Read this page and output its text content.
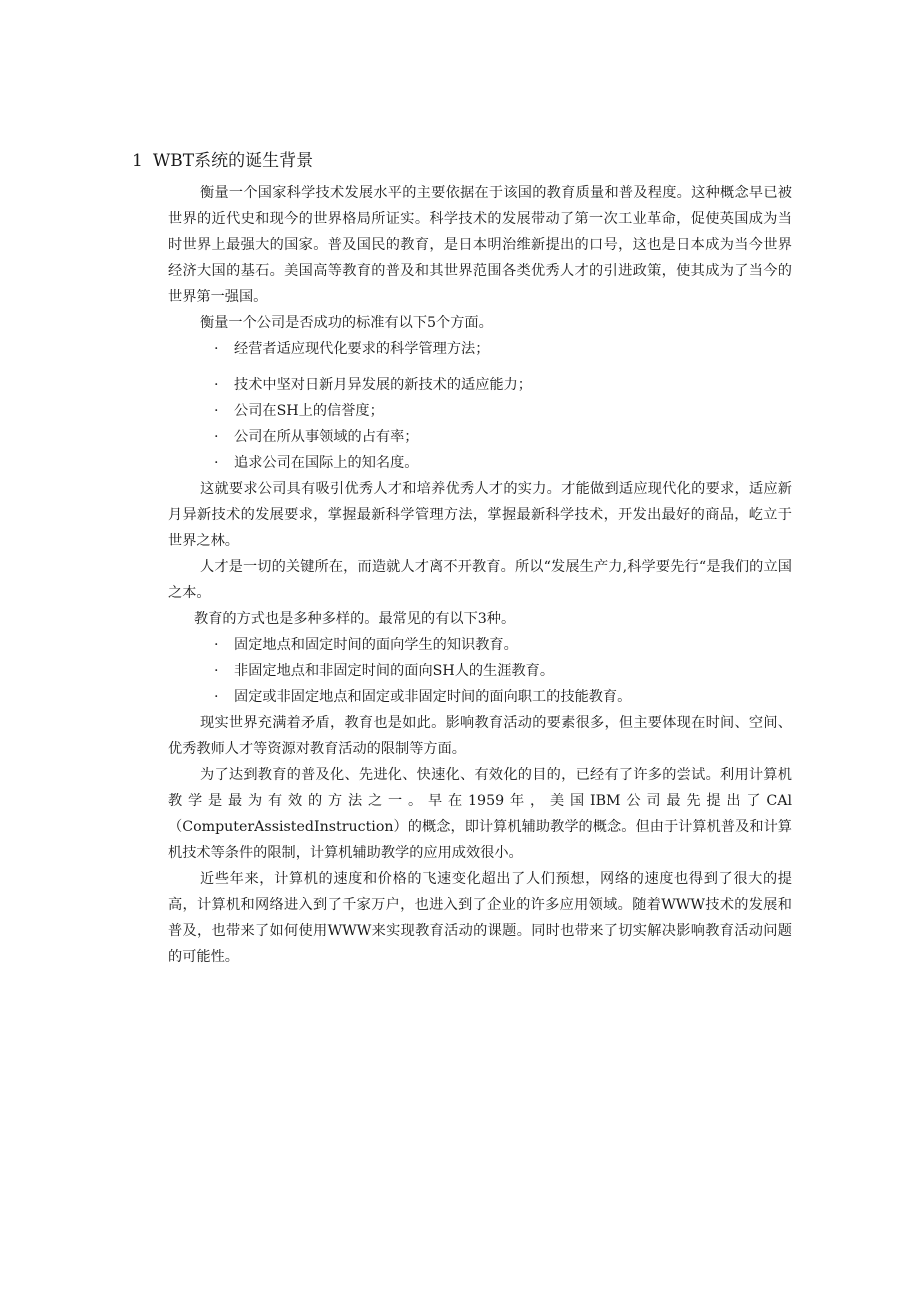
1 WBT系统的诞生背景

衡量一个国家科学技术发展水平的主要依据在于该国的教育质量和普及程度。这种概念早已被世界的近代史和现今的世界格局所证实。科学技术的发展带动了第一次工业革命，促使英国成为当时世界上最强大的国家。普及国民的教育，是日本明治维新提出的口号，这也是日本成为当今世界经济大国的基石。美国高等教育的普及和其世界范围各类优秀人才的引进政策，使其成为了当今的世界第一强国。

衡量一个公司是否成功的标准有以下5个方面。

· 经营者适应现代化要求的科学管理方法；
· 技术中坚对日新月异发展的新技术的适应能力；
· 公司在SH上的信誉度；
· 公司在所从事领域的占有率；
· 追求公司在国际上的知名度。

这就要求公司具有吸引优秀人才和培养优秀人才的实力。才能做到适应现代化的要求，适应新月异新技术的发展要求，掌握最新科学管理方法，掌握最新科学技术，开发出最好的商品，屹立于世界之林。

人才是一切的关键所在，而造就人才离不开教育。所以“发展生产力,科学要先行“是我们的立国之本。

教育的方式也是多种多样的。最常见的有以下3种。

· 固定地点和固定时间的面向学生的知识教育。
· 非固定地点和非固定时间的面向SH人的生涯教育。
· 固定或非固定地点和固定或非固定时间的面向职工的技能教育。

现实世界充满着矛盾，教育也是如此。影响教育活动的要素很多，但主要体现在时间、空间、优秀教师人才等资源对教育活动的限制等方面。

为了达到教育的普及化、先进化、快速化、有效化的目的，已经有了许多的尝试。利用计算机教学是最为有效的方法之一。早在1959年，美国IBM公司最先提出了CAl（ComputerAssistedInstruction）的概念，即计算机辅助教学的概念。但由于计算机普及和计算机技术等条件的限制，计算机辅助教学的应用成效很小。

近些年来，计算机的速度和价格的飞速变化超出了人们预想，网络的速度也得到了很大的提高，计算机和网络进入到了千家万户，也进入到了企业的许多应用领域。随着WWW技术的发展和普及，也带来了如何使用WWW来实现教育活动的课题。同时也带来了切实解决影响教育活动问题的可能性。
